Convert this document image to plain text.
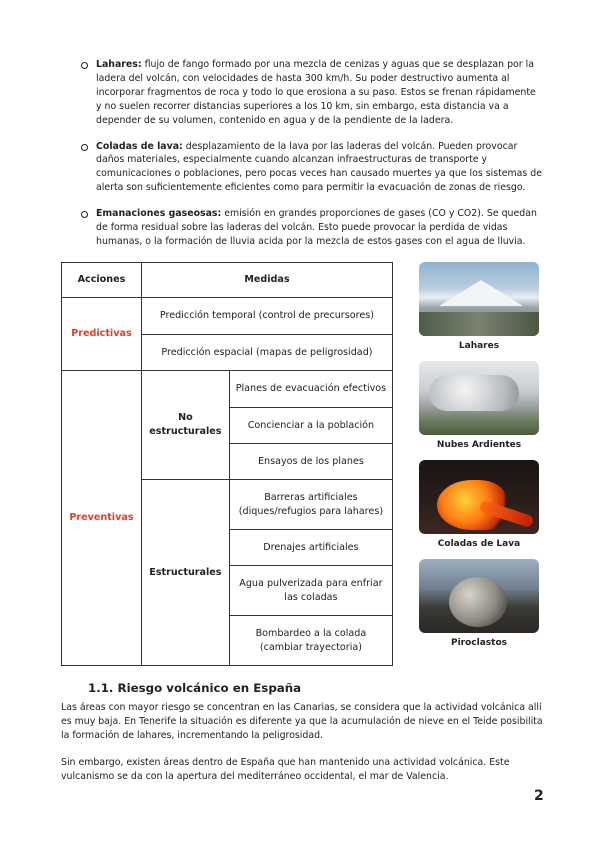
Lahares: flujo de fango formado por una mezcla de cenizas y aguas que se desplazan por la ladera del volcán, con velocidades de hasta 300 km/h. Su poder destructivo aumenta al incorporar fragmentos de roca y todo lo que erosiona a su paso. Estos se frenan rápidamente y no suelen recorrer distancias superiores a los 10 km, sin embargo, esta distancia va a depender de su volumen, contenido en agua y de la pendiente de la ladera.
Coladas de lava: desplazamiento de la lava por las laderas del volcán. Pueden provocar daños materiales, especialmente cuando alcanzan infraestructuras de transporte y comunicaciones o poblaciones, pero pocas veces han causado muertes ya que los sistemas de alerta son suficientemente eficientes como para permitir la evacuación de zonas de riesgo.
Emanaciones gaseosas: emisión en grandes proporciones de gases (CO y CO2). Se quedan de forma residual sobre las laderas del volcán. Esto puede provocar la perdida de vidas humanas, o la formación de lluvia acida por la mezcla de estos gases con el agua de lluvia.
Acciones	Medidas	
Predictivas	Predicción temporal (control de precursores)	
	Predicción espacial (mapas de peligrosidad)	
Preventivas	No estructurales	Planes de evacuación efectivos
		Concienciar a la población
		Ensayos de los planes
	Estructurales	Barreras artificiales (diques/refugios para lahares)
		Drenajes artificiales
		Agua pulverizada para enfriar las coladas
		Bombardeo a la colada (cambiar trayectoria)
Lahares
Nubes Ardientes
Coladas de Lava
Piroclastos
1.1. Riesgo volcánico en España
Las áreas con mayor riesgo se concentran en las Canarias, se considera que la actividad volcánica allí es muy baja. En Tenerife la situación es diferente ya que la acumulación de nieve en el Teide posibilita la formación de lahares, incrementando la peligrosidad.
Sin embargo, existen áreas dentro de España que han mantenido una actividad volcánica. Este vulcanismo se da con la apertura del mediterráneo occidental, el mar de Valencia.
2
